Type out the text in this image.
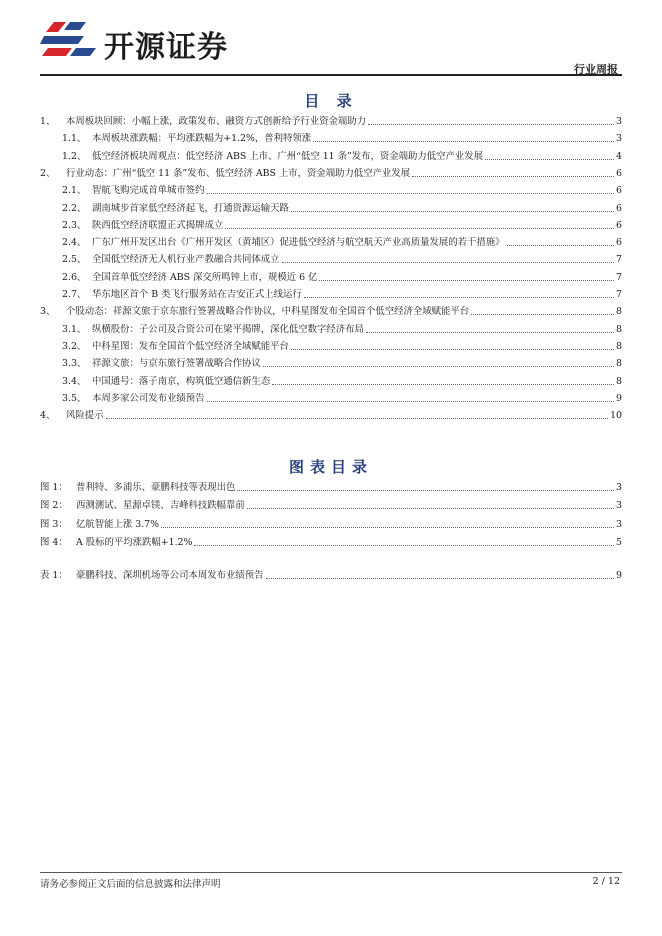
开源证券
行业周报
目 录
1、	本周板块回顾：小幅上涨，政策发布、融资方式创新给予行业资金端助力	3
1.1、 本周板块涨跌幅：平均涨跌幅为+1.2%，普利特领涨	3
1.2、 低空经济板块周观点：低空经济 ABS 上市、广州“低空 11 条”发布，资金端助力低空产业发展	4
2、	行业动态：广州“低空 11 条”发布、低空经济 ABS 上市，资金端助力低空产业发展	6
2.1、 智航飞购完成首单城市签约	6
2.2、 湖南城步首家低空经济起飞，打通资源运输天路	6
2.3、 陕西低空经济联盟正式揭牌成立	6
2.4、 广东广州开发区出台《广州开发区（黄埔区）促进低空经济与航空航天产业高质量发展的若干措施》	6
2.5、 全国低空经济无人机行业产教融合共同体成立	7
2.6、 全国首单低空经济 ABS 深交所鸣钟上市，规模近 6 亿	7
2.7、 华东地区首个 B 类飞行服务站在吉安正式上线运行	7
3、	个股动态：祥源文旅于京东旅行签署战略合作协议，中科星图发布全国首个低空经济全域赋能平台	8
3.1、 纵横股份：子公司及合资公司在梁平揭牌，深化低空数字经济布局	8
3.2、 中科星图：发布全国首个低空经济全域赋能平台	8
3.3、 祥源文旅：与京东旅行签署战略合作协议	8
3.4、 中国通号：落子南京，构筑低空通信新生态	8
3.5、 本周多家公司发布业绩预告	9
4、	风险提示	10
图表目录
图 1： 普利特、多浦乐、豪鹏科技等表现出色	3
图 2： 西测测试、星源卓镁、吉峰科技跌幅靠前	3
图 3： 亿航智能上涨 3.7%	3
图 4： A 股标的平均涨跌幅+1.2%	5
表 1： 豪鹏科技、深圳机场等公司本周发布业绩预告	9
请务必参阅正文后面的信息披露和法律声明	2 / 12
